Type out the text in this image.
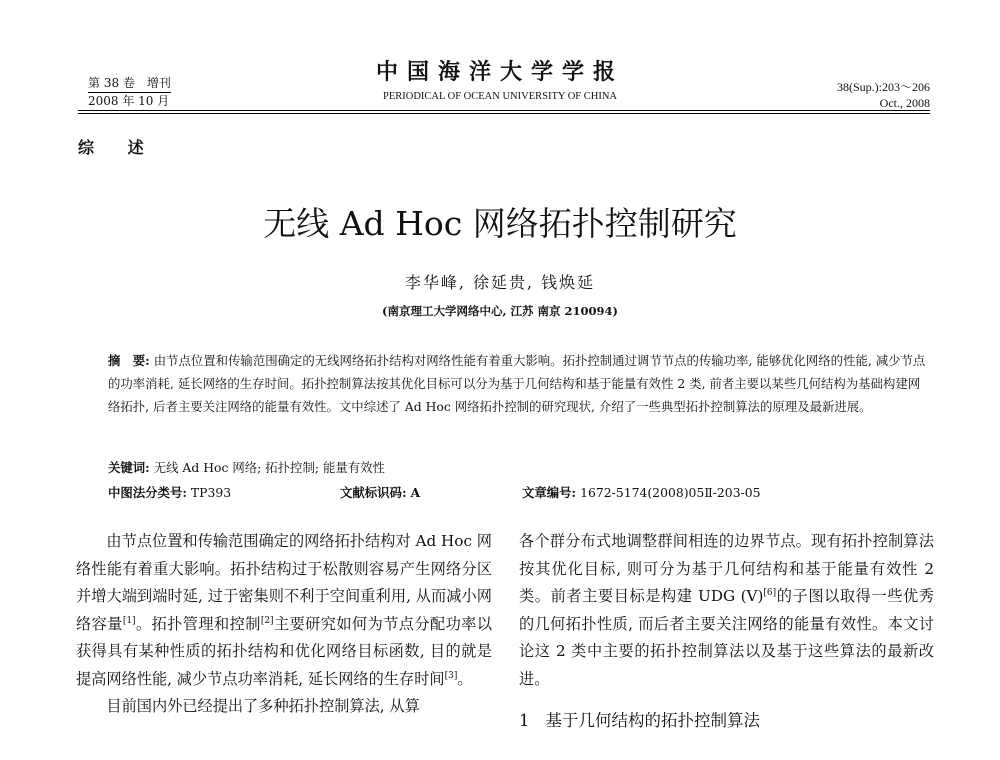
第 38 卷　增刊
2008 年 10 月
中国海洋大学学报
PERIODICAL OF OCEAN UNIVERSITY OF CHINA
38(Sup.):203～206
Oct., 2008
综 述
无线 Ad Hoc 网络拓扑控制研究
李华峰, 徐延贵, 钱焕延
(南京理工大学网络中心, 江苏 南京 210094)
摘　要: 由节点位置和传输范围确定的无线网络拓扑结构对网络性能有着重大影响。拓扑控制通过调节节点的传输功率, 能够优化网络的性能, 减少节点的功率消耗, 延长网络的生存时间。拓扑控制算法按其优化目标可以分为基于几何结构和基于能量有效性 2 类, 前者主要以某些几何结构为基础构建网络拓扑, 后者主要关注网络的能量有效性。文中综述了 Ad Hoc 网络拓扑控制的研究现状, 介绍了一些典型拓扑控制算法的原理及最新进展。
关键词: 无线 Ad Hoc 网络; 拓扑控制; 能量有效性
中图法分类号: TP393	文献标识码: A	文章编号: 1672-5174(2008)05Ⅱ-203-05
由节点位置和传输范围确定的网络拓扑结构对 Ad Hoc 网络性能有着重大影响。拓扑结构过于松散则容易产生网络分区并增大端到端时延, 过于密集则不利于空间重利用, 从而减小网络容量[1]。拓扑管理和控制[2]主要研究如何为节点分配功率以获得具有某种性质的拓扑结构和优化网络目标函数, 目的就是提高网络性能, 减少节点功率消耗, 延长网络的生存时间[3]。
目前国内外已经提出了多种拓扑控制算法, 从算
各个群分布式地调整群间相连的边界节点。现有拓扑控制算法按其优化目标, 则可分为基于几何结构和基于能量有效性 2 类。前者主要目标是构建 UDG (V)[6]的子图以取得一些优秀的几何拓扑性质, 而后者主要关注网络的能量有效性。本文讨论这 2 类中主要的拓扑控制算法以及基于这些算法的最新改进。
1 基于几何结构的拓扑控制算法
